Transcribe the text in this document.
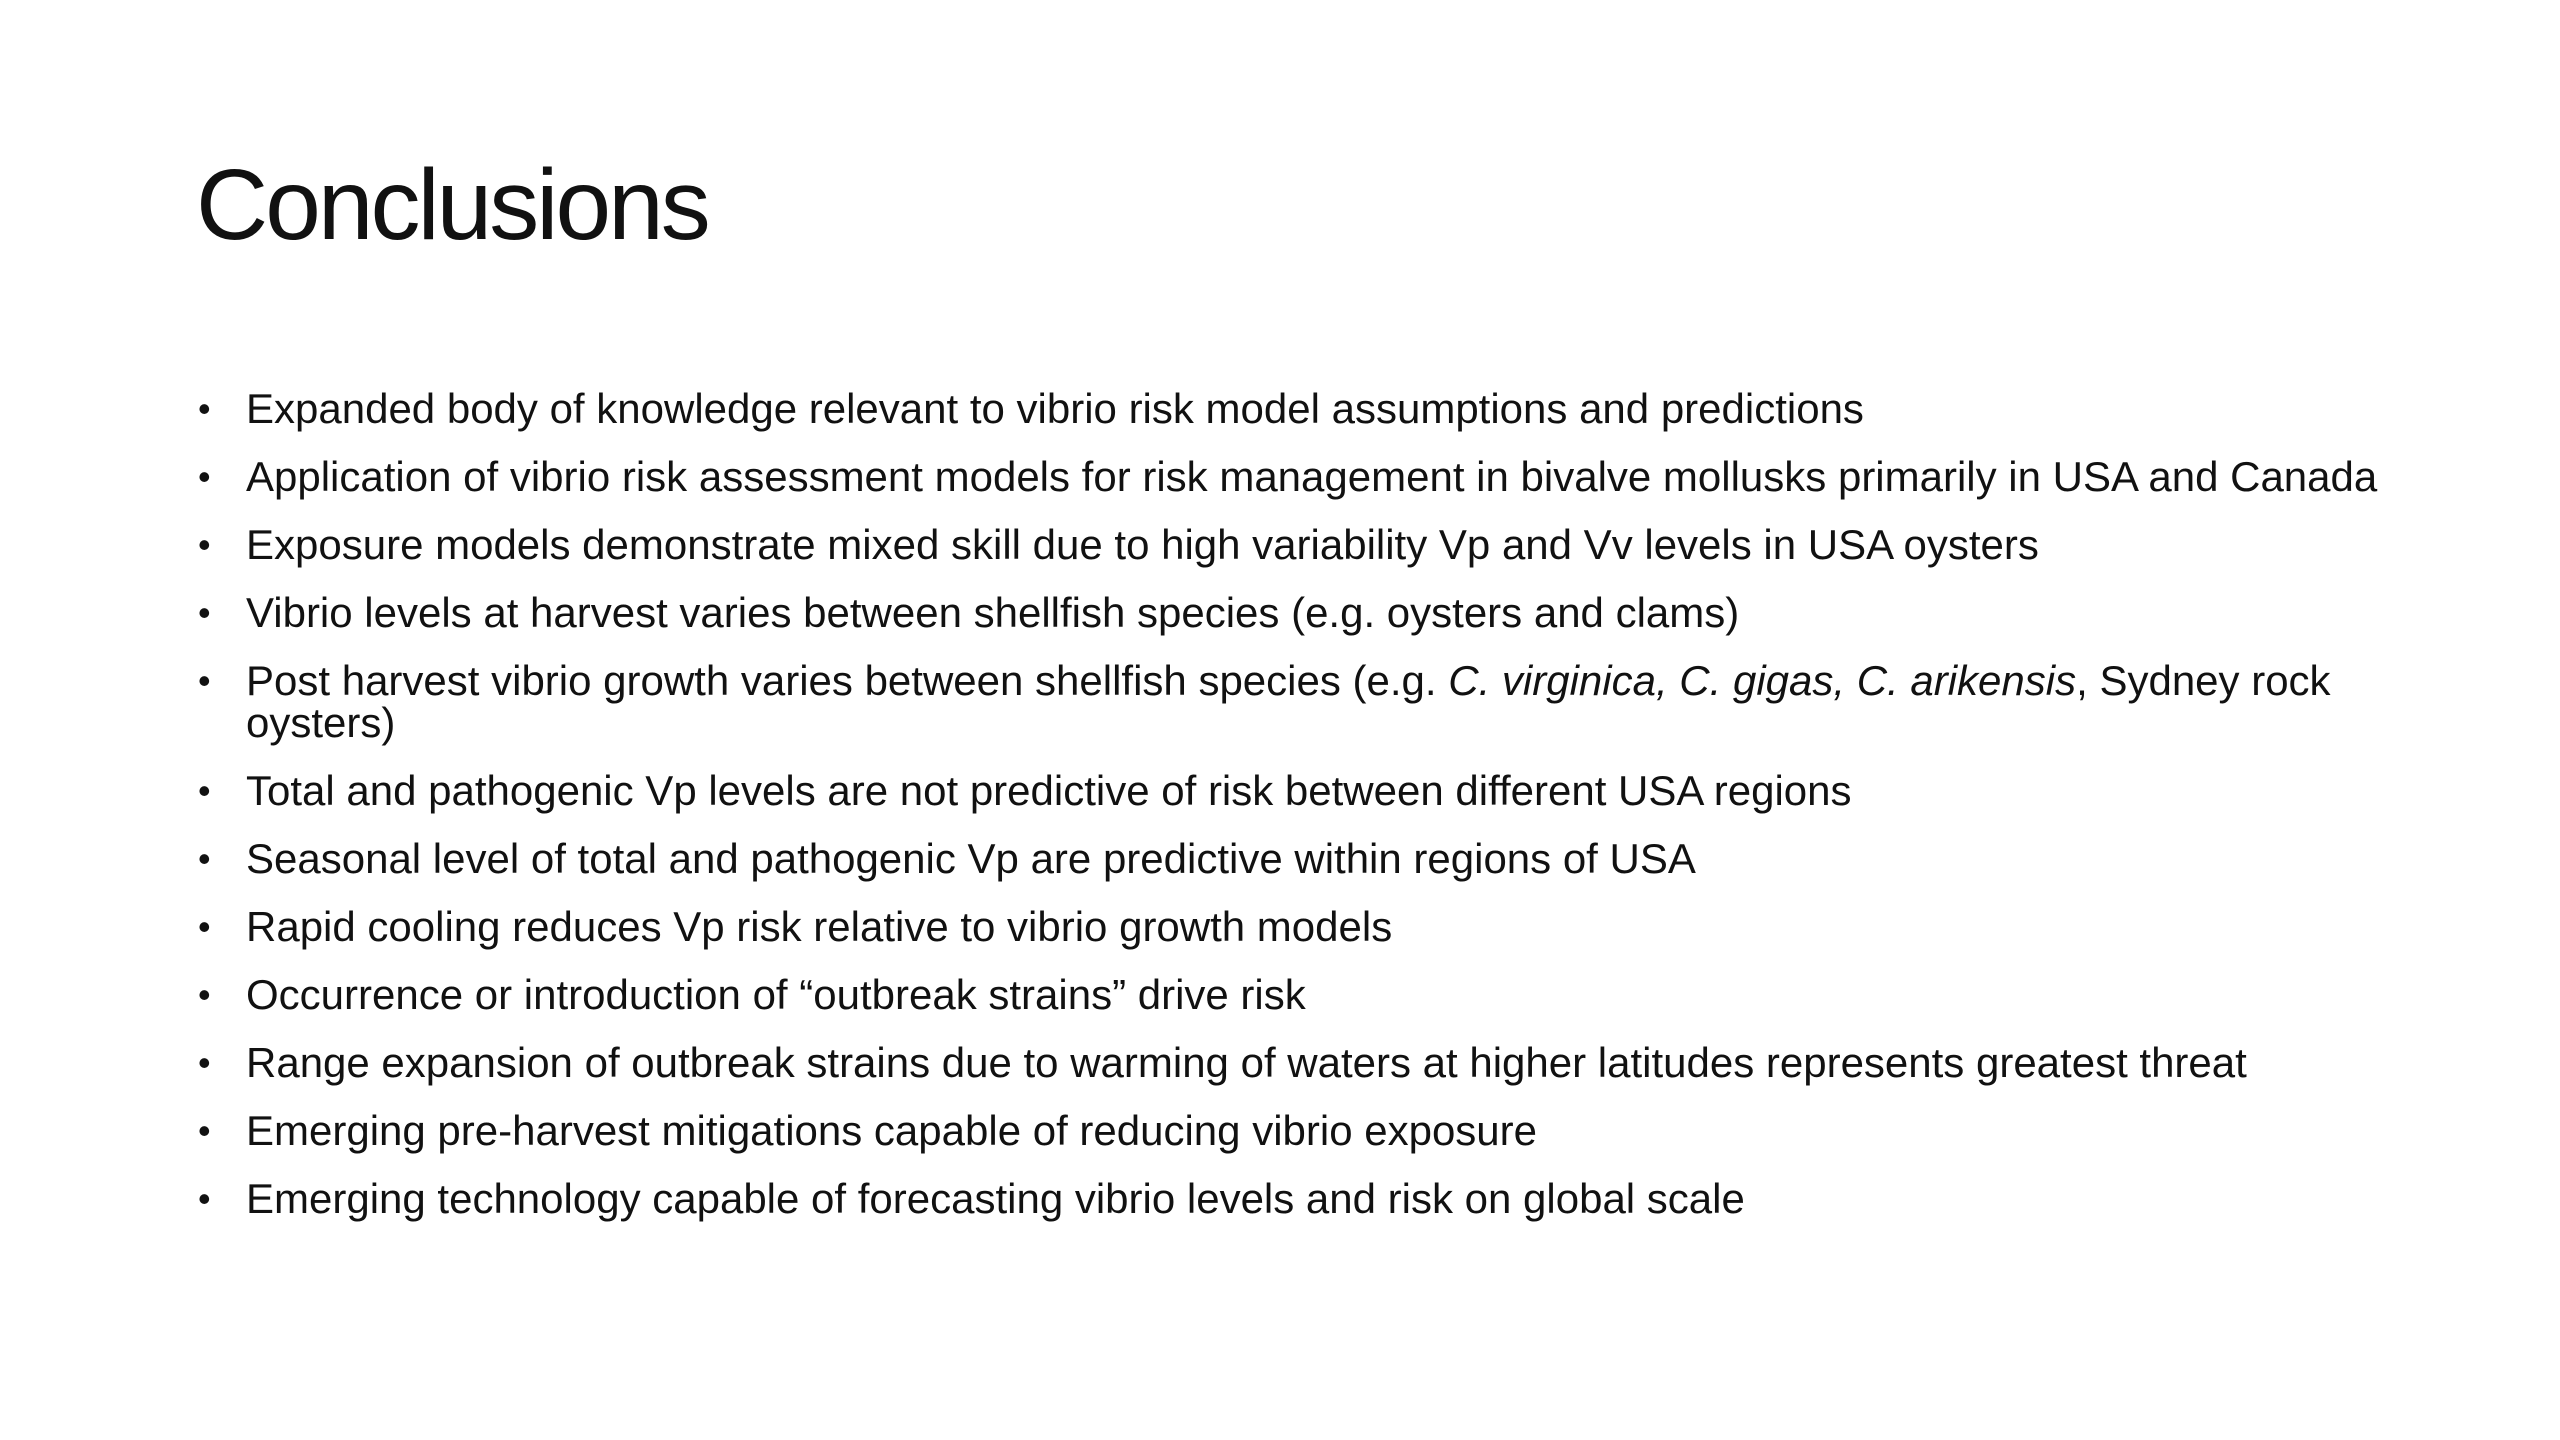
Conclusions
• Expanded body of knowledge relevant to vibrio risk model assumptions and predictions
• Application of vibrio risk assessment models for risk management in bivalve mollusks primarily in USA and Canada
• Exposure models demonstrate mixed skill due to high variability Vp and Vv levels in USA oysters
• Vibrio levels at harvest varies between shellfish species (e.g. oysters and clams)
• Post harvest vibrio growth varies between shellfish species (e.g. C. virginica, C. gigas, C. arikensis, Sydney rock oysters)
• Total and pathogenic Vp levels are not predictive of risk between different USA regions
• Seasonal level of total and pathogenic Vp are predictive within regions of USA
• Rapid cooling reduces Vp risk relative to vibrio growth models
• Occurrence or introduction of “outbreak strains” drive risk
• Range expansion of outbreak strains due to warming of waters at higher latitudes represents greatest threat
• Emerging pre-harvest mitigations capable of reducing vibrio exposure
• Emerging technology capable of forecasting vibrio levels and risk on global scale
